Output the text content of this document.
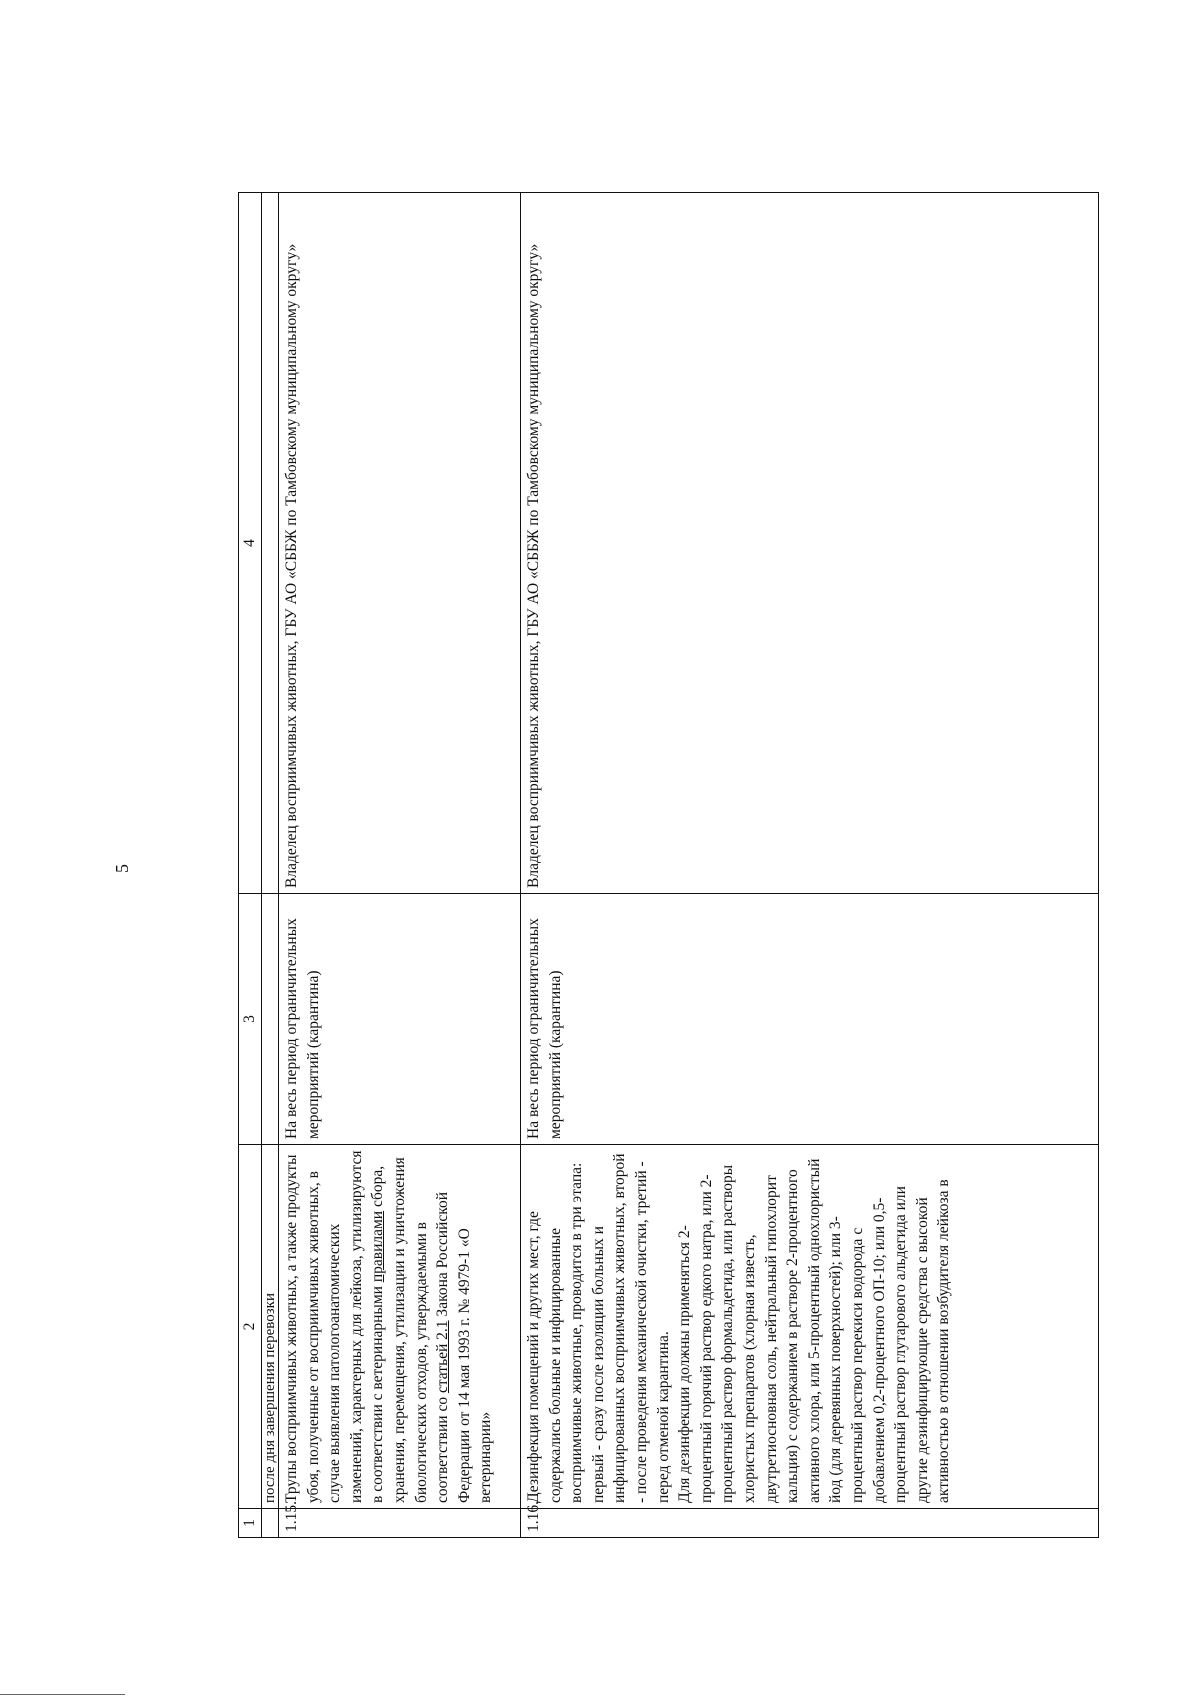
5
1	2	3	4
	после дня завершения перевозки		
1.15.	Трупы восприимчивых животных, а также продукты убоя, полученные от восприимчивых животных, в случае выявления патологоанатомических изменений, характерных для лейкоза, утилизируются в соответствии с ветеринарными правилами сбора, хранения, перемещения, утилизации и уничтожения биологических отходов, утверждаемыми в соответствии со статьей 2.1 Закона Российской Федерации от 14 мая 1993 г. № 4979-1 «О ветеринарии»	На весь период ограничительных мероприятий (карантина)	Владелец восприимчивых животных, ГБУ АО «СББЖ по Тамбовскому муниципальному округу»
1.16.	Дезинфекция помещений и других мест, где содержались больные и инфицированные восприимчивые животные, проводится в три этапа: первый - сразу после изоляции больных и инфицированных восприимчивых животных, второй - после проведения механической очистки, третий - перед отменой карантина. Для дезинфекции должны применяться 2-процентный горячий раствор едкого натра, или 2-процентный раствор формальдегида, или растворы хлористых препаратов (хлорная известь, двутретиосновная соль, нейтральный гипохлорит кальция) с содержанием в растворе 2-процентного активного хлора, или 5-процентный однохлористый йод (для деревянных поверхностей); или 3-процентный раствор перекиси водорода с добавлением 0,2-процентного ОП-10; или 0,5-процентный раствор глутарового альдегида или другие дезинфицирующие средства с высокой активностью в отношении возбудителя лейкоза в	На весь период ограничительных мероприятий (карантина)	Владелец восприимчивых животных, ГБУ АО «СББЖ по Тамбовскому муниципальному округу»
